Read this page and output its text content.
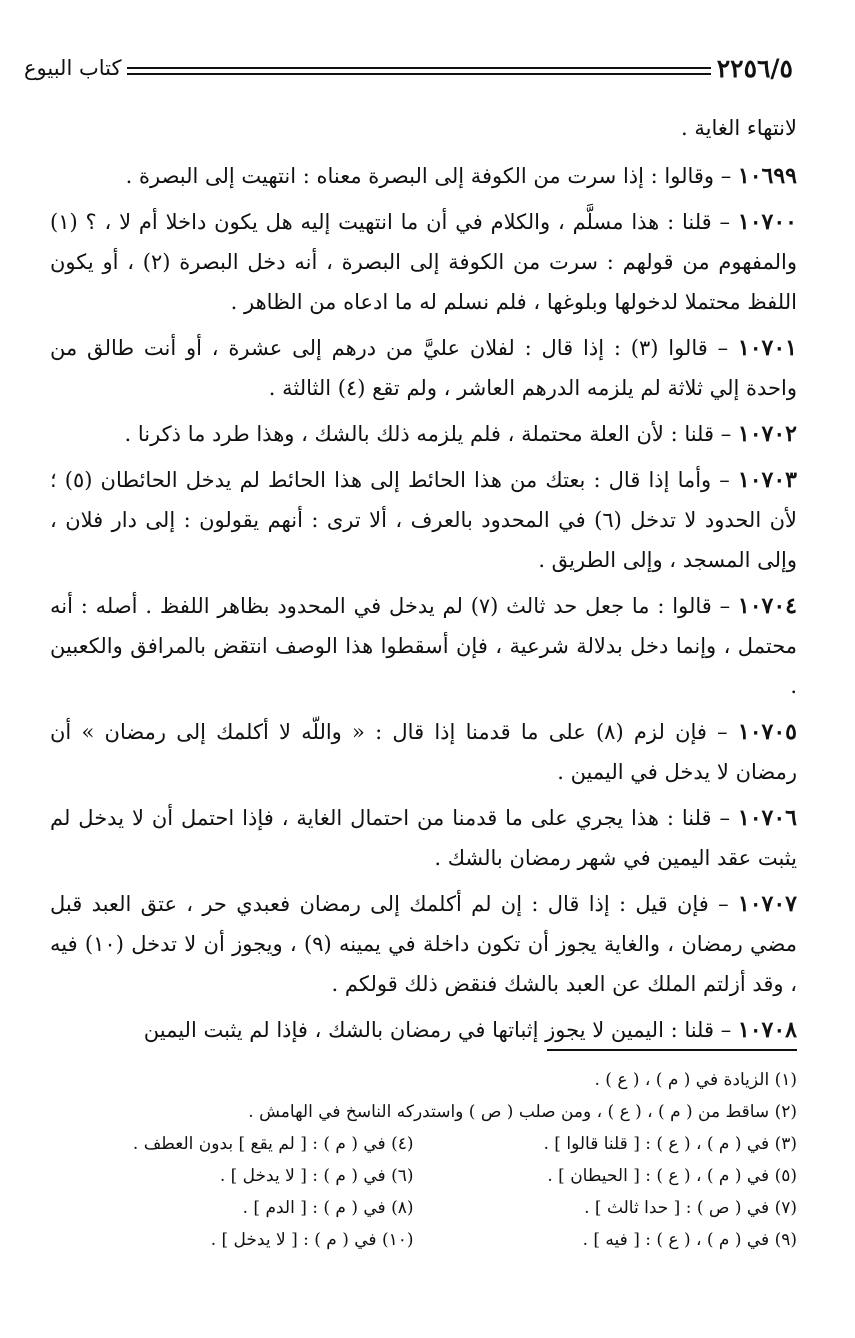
٢٢٥٦/٥
كتاب البيوع

لانتهاء الغاية .

١٠٦٩٩ – وقالوا : إذا سرت من الكوفة إلى البصرة معناه : انتهيت إلى البصرة .

١٠٧٠٠ – قلنا : هذا مسلَّم ، والكلام في أن ما انتهيت إليه هل يكون داخلا أم لا ، ؟ (١) والمفهوم من قولهم : سرت من الكوفة إلى البصرة ، أنه دخل البصرة (٢) ، أو يكون اللفظ محتملا لدخولها وبلوغها ، فلم نسلم له ما ادعاه من الظاهر .

١٠٧٠١ – قالوا (٣) : إذا قال : لفلان عليَّ من درهم إلى عشرة ، أو أنت طالق من واحدة إلي ثلاثة لم يلزمه الدرهم العاشر ، ولم تقع (٤) الثالثة .

١٠٧٠٢ – قلنا : لأن العلة محتملة ، فلم يلزمه ذلك بالشك ، وهذا طرد ما ذكرنا .

١٠٧٠٣ – وأما إذا قال : بعتك من هذا الحائط إلى هذا الحائط لم يدخل الحائطان (٥) ؛ لأن الحدود لا تدخل (٦) في المحدود بالعرف ، ألا ترى : أنهم يقولون : إلى دار فلان ، وإلى المسجد ، وإلى الطريق .

١٠٧٠٤ – قالوا : ما جعل حد ثالث (٧) لم يدخل في المحدود بظاهر اللفظ . أصله : أنه محتمل ، وإنما دخل بدلالة شرعية ، فإن أسقطوا هذا الوصف انتقض بالمرافق والكعبين .

١٠٧٠٥ – فإن لزم (٨) على ما قدمنا إذا قال : « واللّه لا أكلمك إلى رمضان » أن رمضان لا يدخل في اليمين .

١٠٧٠٦ – قلنا : هذا يجري على ما قدمنا من احتمال الغاية ، فإذا احتمل أن لا يدخل لم يثبت عقد اليمين في شهر رمضان بالشك .

١٠٧٠٧ – فإن قيل : إذا قال : إن لم أكلمك إلى رمضان فعبدي حر ، عتق العبد قبل مضي رمضان ، والغاية يجوز أن تكون داخلة في يمينه (٩) ، ويجوز أن لا تدخل (١٠) فيه ، وقد أزلتم الملك عن العبد بالشك فنقض ذلك قولكم .

١٠٧٠٨ – قلنا : اليمين لا يجوز إثباتها في رمضان بالشك ، فإذا لم يثبت اليمين

(١) الزيادة في ( م ) ، ( ع ) .
(٢) ساقط من ( م ) ، ( ع ) ، ومن صلب ( ص ) واستدركه الناسخ في الهامش .
(٣) في ( م ) ، ( ع ) : [ قلنا قالوا ] .
(٤) في ( م ) : [ لم يقع ] بدون العطف .
(٥) في ( م ) ، ( ع ) : [ الحيطان ] .
(٦) في ( م ) : [ لا يدخل ] .
(٧) في ( ص ) : [ حدا ثالث ] .
(٨) في ( م ) : [ الدم ] .
(٩) في ( م ) ، ( ع ) : [ فيه ] .
(١٠) في ( م ) : [ لا يدخل ] .
